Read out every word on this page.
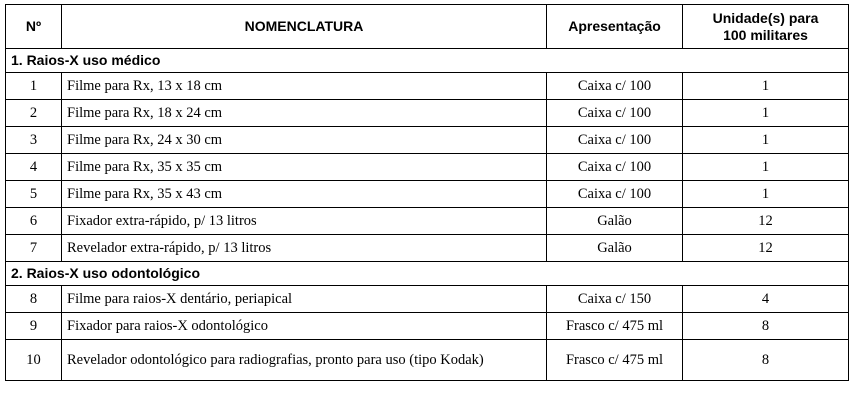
Nº	NOMENCLATURA	Apresentação	Unidade(s) para
100 militares
1. Raios-X uso médico			
1	Filme para Rx, 13 x 18 cm	Caixa c/ 100	1
2	Filme para Rx, 18 x 24 cm	Caixa c/ 100	1
3	Filme para Rx, 24 x 30 cm	Caixa c/ 100	1
4	Filme para Rx, 35 x 35 cm	Caixa c/ 100	1
5	Filme para Rx, 35 x 43 cm	Caixa c/ 100	1
6	Fixador extra-rápido, p/ 13 litros	Galão	12
7	Revelador extra-rápido, p/ 13 litros	Galão	12
2. Raios-X uso odontológico			
8	Filme para raios-X dentário, periapical	Caixa c/ 150	4
9	Fixador para raios-X odontológico	Frasco c/ 475 ml	8
10	Revelador odontológico para radiografias, pronto para uso (tipo Kodak)	Frasco c/ 475 ml	8
